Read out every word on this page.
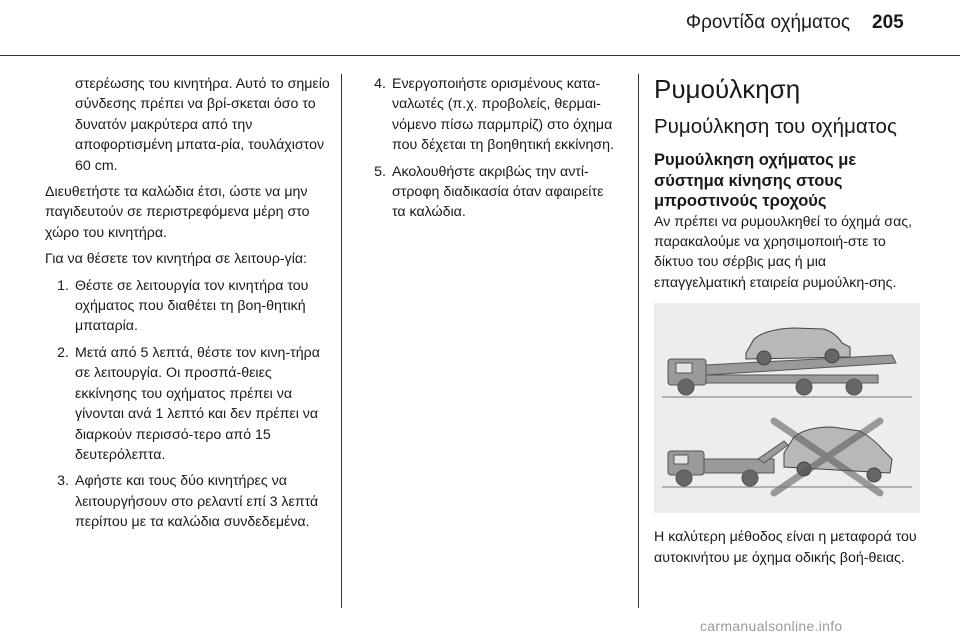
Φροντίδα οχήματος 205

στερέωσης του κινητήρα. Αυτό το σημείο σύνδεσης πρέπει να βρί-σκεται όσο το δυνατόν μακρύτερα από την αποφορτισμένη μπατα-ρία, τουλάχιστον 60 cm.

Διευθετήστε τα καλώδια έτσι, ώστε να μην παγιδευτούν σε περιστρεφόμενα μέρη στο χώρο του κινητήρα.

Για να θέσετε τον κινητήρα σε λειτουρ-γία:

1. Θέστε σε λειτουργία τον κινητήρα του οχήματος που διαθέτει τη βοη-θητική μπαταρία.
2. Μετά από 5 λεπτά, θέστε τον κινη-τήρα σε λειτουργία. Οι προσπά-θειες εκκίνησης του οχήματος πρέπει να γίνονται ανά 1 λεπτό και δεν πρέπει να διαρκούν περισσό-τερο από 15 δευτερόλεπτα.
3. Αφήστε και τους δύο κινητήρες να λειτουργήσουν στο ρελαντί επί 3 λεπτά περίπου με τα καλώδια συνδεδεμένα.
4. Ενεργοποιήστε ορισμένους κατα-ναλωτές (π.χ. προβολείς, θερμαι-νόμενο πίσω παρμπρίζ) στο όχημα που δέχεται τη βοηθητική εκκίνηση.
5. Ακολουθήστε ακριβώς την αντί-στροφη διαδικασία όταν αφαιρείτε τα καλώδια.
Ρυμούλκηση
Ρυμούλκηση του οχήματος
Ρυμούλκηση οχήματος με σύστημα κίνησης στους μπροστινούς τροχούς

Αν πρέπει να ρυμουλκηθεί το όχημά σας, παρακαλούμε να χρησιμοποιή-στε το δίκτυο του σέρβις μας ή μια επαγγελματική εταιρεία ρυμούλκη-σης.

Η καλύτερη μέθοδος είναι η μεταφορά του αυτοκινήτου με όχημα οδικής βοή-θειας.

carmanualsonline.info
